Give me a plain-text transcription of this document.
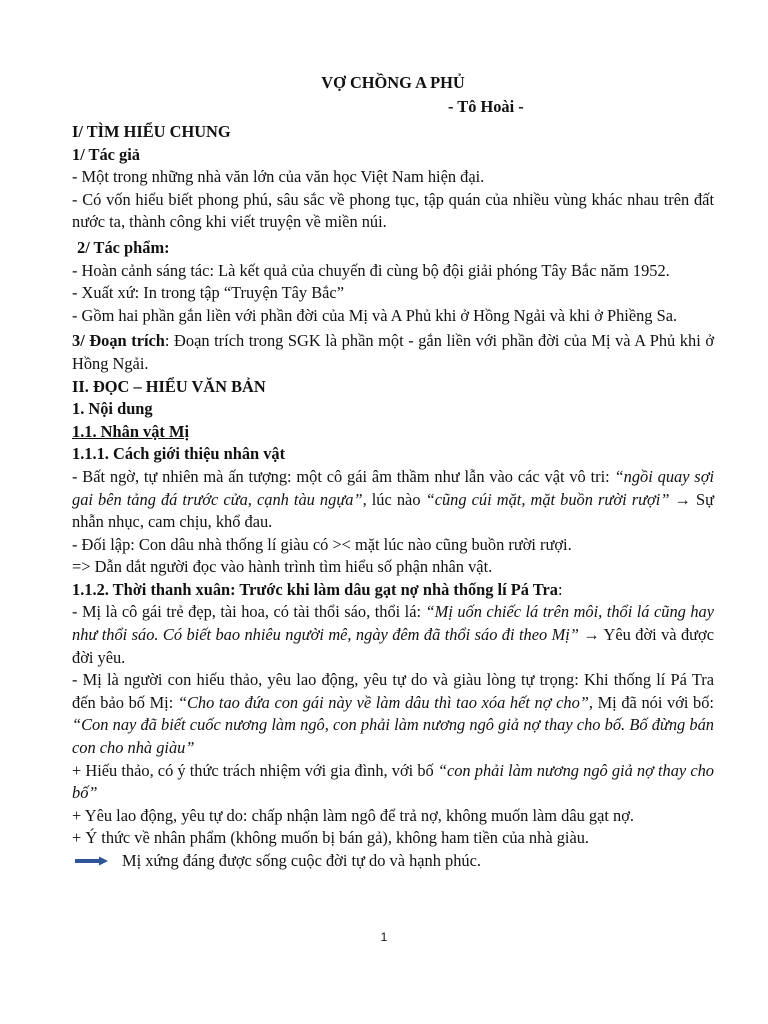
VỢ CHỒNG A PHỦ

- Tô Hoài -

I/ TÌM HIỂU CHUNG

1/ Tác giả

- Một trong những nhà văn lớn của văn học Việt Nam hiện đại.

- Có vốn hiểu biết phong phú, sâu sắc về phong tục, tập quán của nhiều vùng khác nhau trên đất nước ta, thành công khi viết truyện về miền núi.

2/ Tác phẩm:

- Hoàn cảnh sáng tác: Là kết quả của chuyến đi cùng bộ đội giải phóng Tây Bắc năm 1952.

- Xuất xứ: In trong tập “Truyện Tây Bắc”

- Gồm hai phần gắn liền với phần đời của Mị và A Phủ khi ở Hồng Ngải và khi ở Phiềng Sa.

3/ Đoạn trích: Đoạn trích trong SGK là phần một - gắn liền với phần đời của Mị và A Phủ khi ở Hồng Ngải.

II. ĐỌC – HIỂU VĂN BẢN

1. Nội dung

1.1. Nhân vật Mị

1.1.1. Cách giới thiệu nhân vật

- Bất ngờ, tự nhiên mà ấn tượng: một cô gái âm thầm như lẫn vào các vật vô tri: “ngồi quay sợi gai bên tảng đá trước cửa, cạnh tàu ngựa”, lúc nào “cũng cúi mặt, mặt buồn rười rượi” → Sự nhẫn nhục, cam chịu, khổ đau.

- Đối lập: Con dâu nhà thống lí giàu có >< mặt lúc nào cũng buồn rười rượi.

=> Dẫn dắt người đọc vào hành trình tìm hiểu số phận nhân vật.

1.1.2. Thời thanh xuân: Trước khi làm dâu gạt nợ nhà thống lí Pá Tra:

- Mị là cô gái trẻ đẹp, tài hoa, có tài thổi sáo, thổi lá: “Mị uốn chiếc lá trên môi, thổi lá cũng hay như thổi sáo. Có biết bao nhiêu người mê, ngày đêm đã thổi sáo đi theo Mị” → Yêu đời và được đời yêu.

- Mị là người con hiếu thảo, yêu lao động, yêu tự do và giàu lòng tự trọng: Khi thống lí Pá Tra đến bảo bố Mị: “Cho tao đứa con gái này về làm dâu thì tao xóa hết nợ cho”, Mị đã nói với bố: “Con nay đã biết cuốc nương làm ngô, con phải làm nương ngô giả nợ thay cho bố. Bố đừng bán con cho nhà giàu”

+ Hiếu thảo, có ý thức trách nhiệm với gia đình, với bố “con phải làm nương ngô giả nợ thay cho bố”

+ Yêu lao động, yêu tự do: chấp nhận làm ngô để trả nợ, không muốn làm dâu gạt nợ.

+ Ý thức về nhân phẩm (không muốn bị bán gả), không ham tiền của nhà giàu.

Mị xứng đáng được sống cuộc đời tự do và hạnh phúc.

1
